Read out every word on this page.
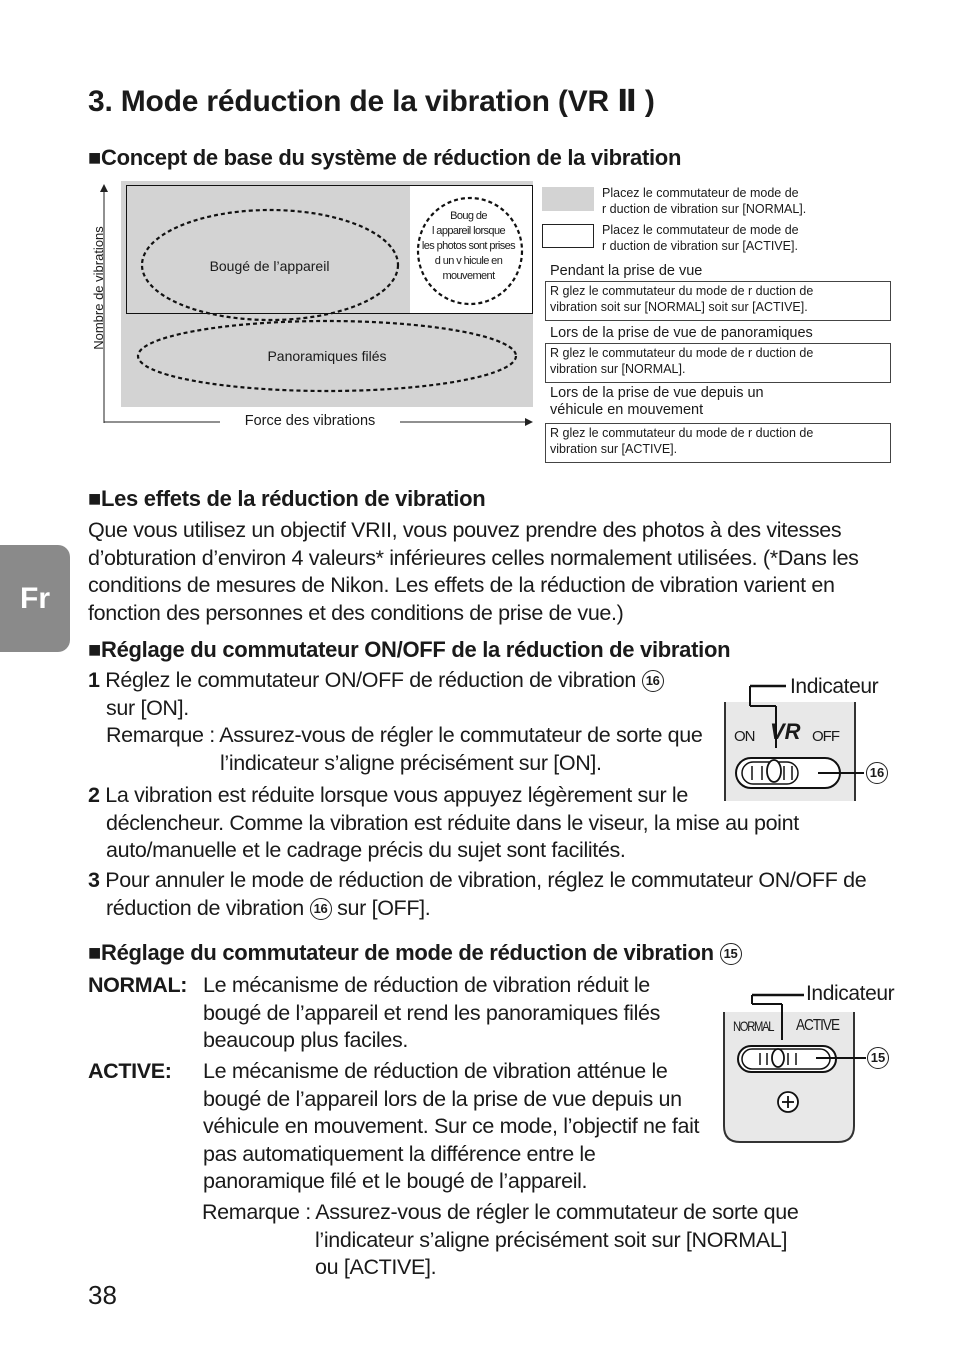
3. Mode réduction de la vibration (VR Ⅱ )
Fr
■Concept de base du système de réduction de la vibration
Nombre de vibrations	Bougé de l’appareil
Boug de
l appareil lorsque
les photos sont prises
d un v hicule en
mouvement
Panoramiques filés
Force des vibrations
Placez le commutateur de mode de
r duction de vibration sur [NORMAL].
Placez le commutateur de mode de
r duction de vibration sur [ACTIVE].
Pendant la prise de vue
R glez le commutateur du mode de r duction de
vibration soit sur [NORMAL] soit sur [ACTIVE].
Lors de la prise de vue de panoramiques
R glez le commutateur du mode de r duction de
vibration sur [NORMAL].
Lors de la prise de vue depuis un
véhicule en mouvement
R glez le commutateur du mode de r duction de
vibration sur [ACTIVE].
■Les effets de la réduction de vibration
Que vous utilisez un objectif VRII, vous pouvez prendre des photos à des vitesses
d’obturation d’environ 4 valeurs* inférieures celles normalement utilisées. (*Dans les
conditions de mesures de Nikon. Les effets de la réduction de vibration varient en
fonction des personnes et des conditions de prise de vue.)
■Réglage du commutateur ON/OFF de la réduction de vibration
1 Réglez le commutateur ON/OFF de réduction de vibration 16
sur [ON].
Remarque : Assurez-vous de régler le commutateur de sorte que
l’indicateur s’aligne précisément sur [ON].
2 La vibration est réduite lorsque vous appuyez légèrement sur le
déclencheur. Comme la vibration est réduite dans le viseur, la mise au point
auto/manuelle et le cadrage précis du sujet sont facilités.
3 Pour annuler le mode de réduction de vibration, réglez le commutateur ON/OFF de
réduction de vibration 16 sur [OFF].
Indicateur
ON VR OFF
16
■Réglage du commutateur de mode de réduction de vibration 15
NORMAL: Le mécanisme de réduction de vibration réduit le
bougé de l’appareil et rend les panoramiques filés
beaucoup plus faciles.
ACTIVE: Le mécanisme de réduction de vibration atténue le
bougé de l’appareil lors de la prise de vue depuis un
véhicule en mouvement. Sur ce mode, l’objectif ne fait
pas automatiquement la différence entre le
panoramique filé et le bougé de l’appareil.
Remarque : Assurez-vous de régler le commutateur de sorte que
l’indicateur s’aligne précisément soit sur [NORMAL]
ou [ACTIVE].
Indicateur
NORMAL ACTIVE
15
38
